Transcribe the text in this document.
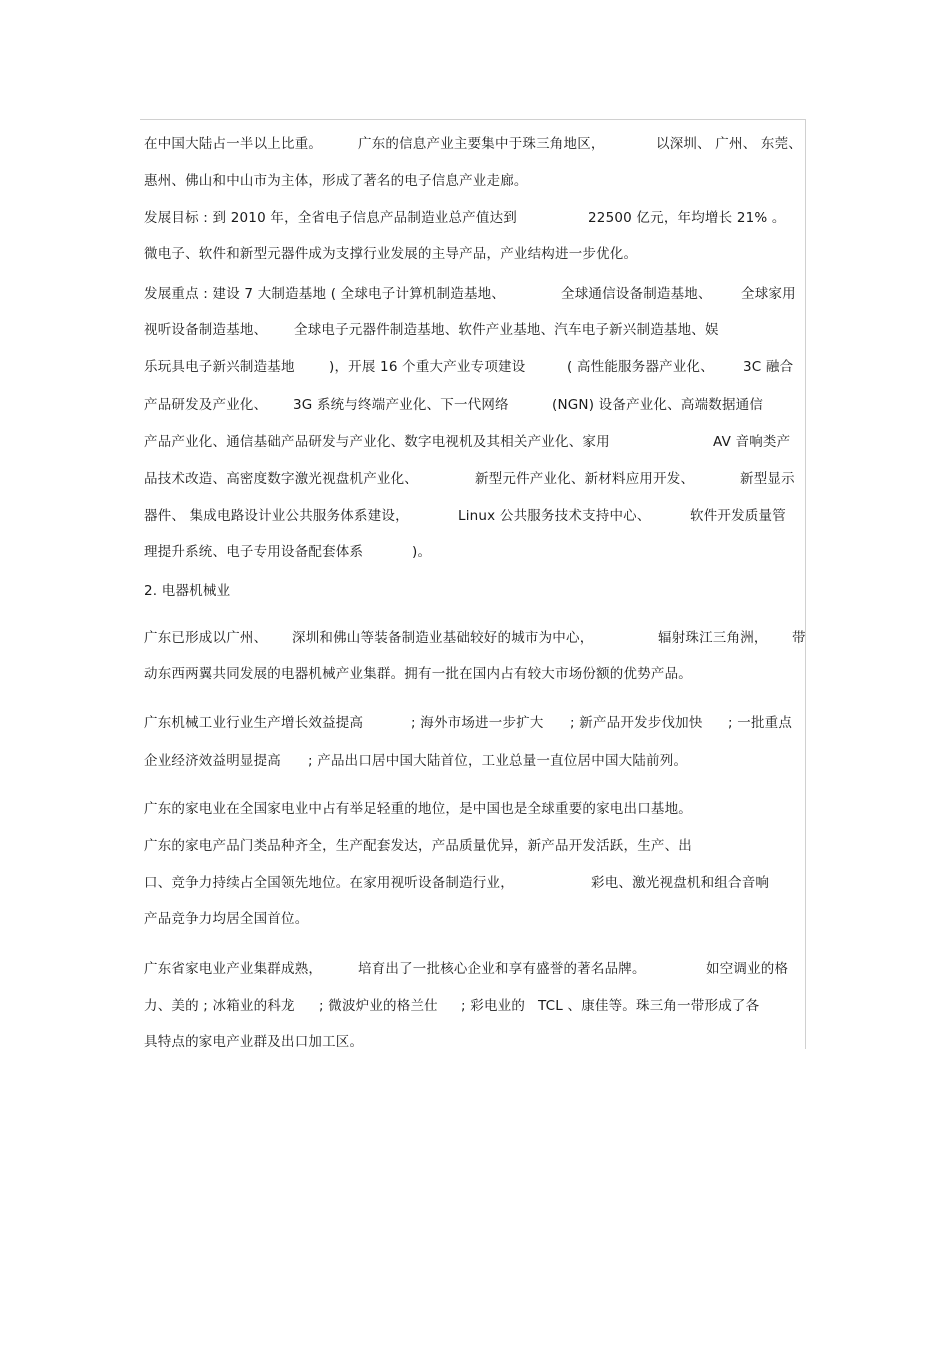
在中国大陆占一半以上比重。	广东的信息产业主要集中于珠三角地区，	以深圳、 广州、 东莞、
惠州、佛山和中山市为主体，形成了著名的电子信息产业走廊。
发展目标 : 到 2010 年，全省电子信息产品制造业总产值达到	22500 亿元，年均增长 21% 。
微电子、软件和新型元器件成为支撑行业发展的主导产品，产业结构进一步优化。
发展重点 : 建设 7 大制造基地 ( 全球电子计算机制造基地、	全球通信设备制造基地、 全球家用
视听设备制造基地、 全球电子元器件制造基地、软件产业基地、汽车电子新兴制造基地、娱
乐玩具电子新兴制造基地	)，开展 16 个重大产业专项建设	( 高性能服务器产业化、 3C 融合
产品研发及产业化、 3G 系统与终端产业化、下一代网络	(NGN) 设备产业化、高端数据通信
产品产业化、通信基础产品研发与产业化、数字电视机及其相关产业化、家用	AV 音响类产
品技术改造、高密度数字激光视盘机产业化、	新型元件产业化、新材料应用开发、	新型显示
器件、 集成电路设计业公共服务体系建设，	Linux 公共服务技术支持中心、	软件开发质量管
理提升系统、电子专用设备配套体系	)。
2. 电器机械业
广东已形成以广州、 深圳和佛山等装备制造业基础较好的城市为中心，	辐射珠江三角洲， 带
动东西两翼共同发展的电器机械产业集群。拥有一批在国内占有较大市场份额的优势产品。
广东机械工业行业生产增长效益提高	; 海外市场进一步扩大 ; 新产品开发步伐加快 ; 一批重点
企业经济效益明显提高 ; 产品出口居中国大陆首位，工业总量一直位居中国大陆前列。
广东的家电业在全国家电业中占有举足轻重的地位，是中国也是全球重要的家电出口基地。
广东的家电产品门类品种齐全，生产配套发达，产品质量优异，新产品开发活跃，生产、出
口、竞争力持续占全国领先地位。在家用视听设备制造行业，	彩电、激光视盘机和组合音响
产品竞争力均居全国首位。
广东省家电业产业集群成熟，	培育出了一批核心企业和享有盛誉的著名品牌。	如空调业的格
力、美的 ; 冰箱业的科龙 ; 微波炉业的格兰仕 ; 彩电业的 TCL 、康佳等。珠三角一带形成了各
具特点的家电产业群及出口加工区。
